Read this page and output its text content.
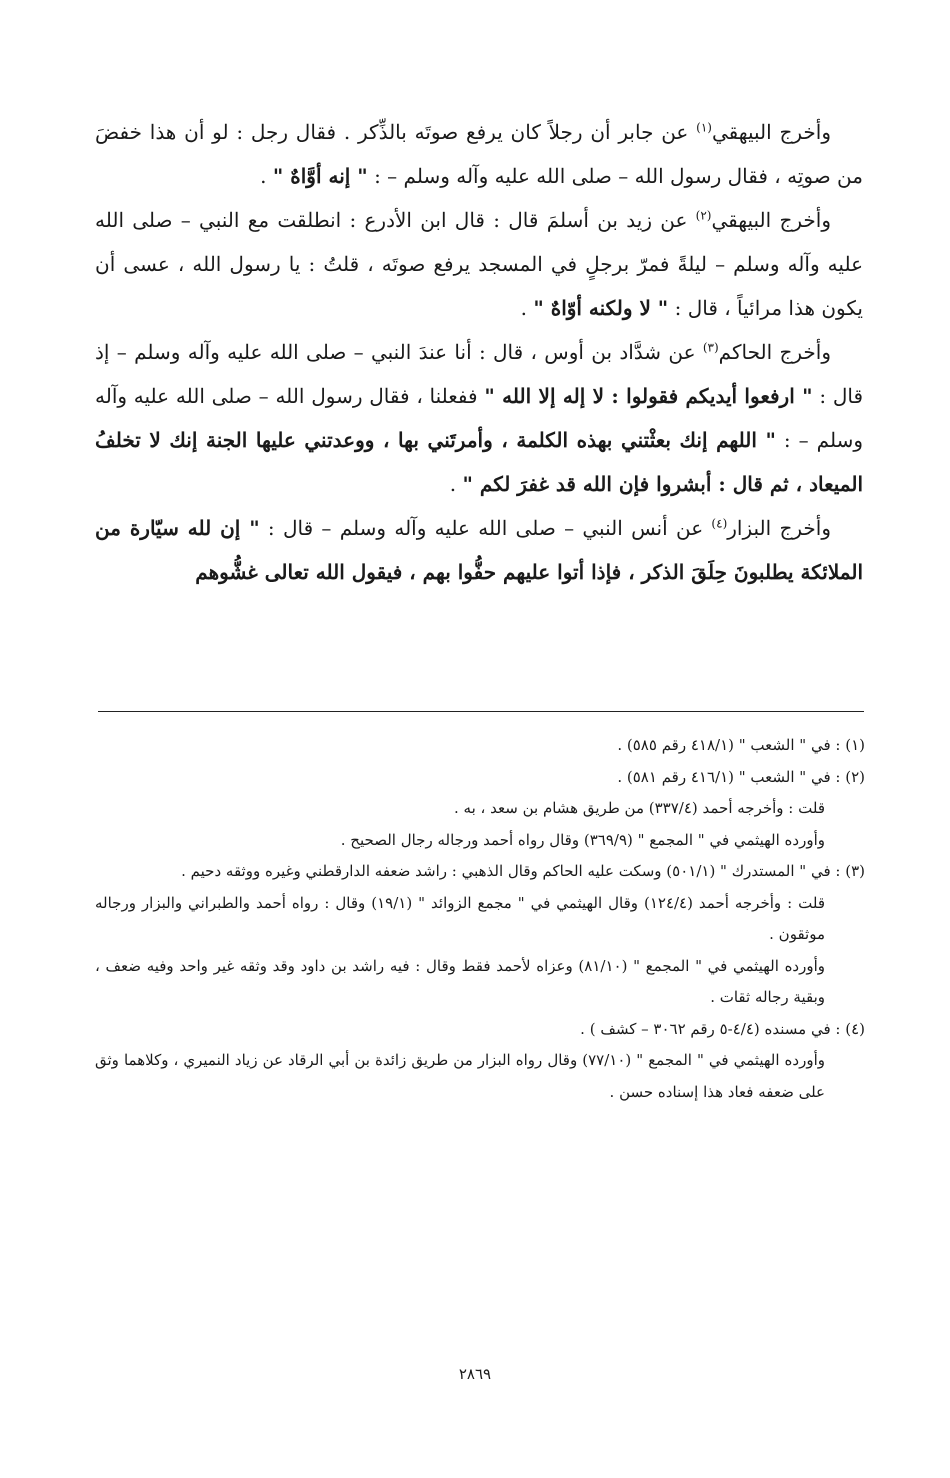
وأخرج البيهقي$^{(١)}$ عن جابر أن رجلاً كان يرفع صوتَه بالذِّكر . فقال رجل : لو أن هذا خفضَ من صوتِه ، فقال رسول الله – صلى الله عليه وآله وسلم – : " إنه أوَّاهٌ " .

وأخرج البيهقي$^{(٢)}$ عن زيد بن أسلمَ قال : قال ابن الأدرع : انطلقت مع النبي – صلى الله عليه وآله وسلم – ليلةً فمرّ برجلٍ في المسجد يرفع صوتَه ، قلتُ : يا رسول الله ، عسى أن يكون هذا مرائياً ، قال : " لا ولكنه أوّاهٌ " .

وأخرج الحاكم$^{(٣)}$ عن شدَّاد بن أوس ، قال : أنا عندَ النبي – صلى الله عليه وآله وسلم – إذ قال : " ارفعوا أيديكم فقولوا : لا إله إلا الله " ففعلنا ، فقال رسول الله – صلى الله عليه وآله وسلم – : " اللهم إنك بعثْتني بهذه الكلمة ، وأمرتَني بها ، ووعدتني عليها الجنة إنك لا تخلفُ الميعاد ، ثم قال : أبشروا فإن الله قد غفرَ لكم " .

وأخرج البزار$^{(٤)}$ عن أنس النبي – صلى الله عليه وآله وسلم – قال : " إن لله سيّارة من الملائكة يطلبونَ حِلَقَ الذكر ، فإذا أتوا عليهم حفُّوا بهم ، فيقول الله تعالى غشُّوهم

(١) : في " الشعب " (٤١٨/١ رقم ٥٨٥) .

(٢) : في " الشعب " (٤١٦/١ رقم ٥٨١) .

قلت : وأخرجه أحمد (٣٣٧/٤) من طريق هشام بن سعد ، به .

وأورده الهيثمي في " المجمع " (٣٦٩/٩) وقال رواه أحمد ورجاله رجال الصحيح .

(٣) : في " المستدرك " (٥٠١/١) وسكت عليه الحاكم وقال الذهبي : راشد ضعفه الدارقطني وغيره ووثقه دحيم .

قلت : وأخرجه أحمد (١٢٤/٤) وقال الهيثمي في " مجمع الزوائد " (١٩/١) وقال : رواه أحمد والطبراني والبزار ورجاله موثقون .

وأورده الهيثمي في " المجمع " (٨١/١٠) وعزاه لأحمد فقط وقال : فيه راشد بن داود وقد وثقه غير واحد وفيه ضعف ، وبقية رجاله ثقات .

(٤) : في مسنده (٤/٤-٥ رقم ٣٠٦٢ – كشف ) .

وأورده الهيثمي في " المجمع " (٧٧/١٠) وقال رواه البزار من طريق زائدة بن أبي الرقاد عن زياد النميري ، وكلاهما وثق على ضعفه فعاد هذا إسناده حسن .

٢٨٦٩
